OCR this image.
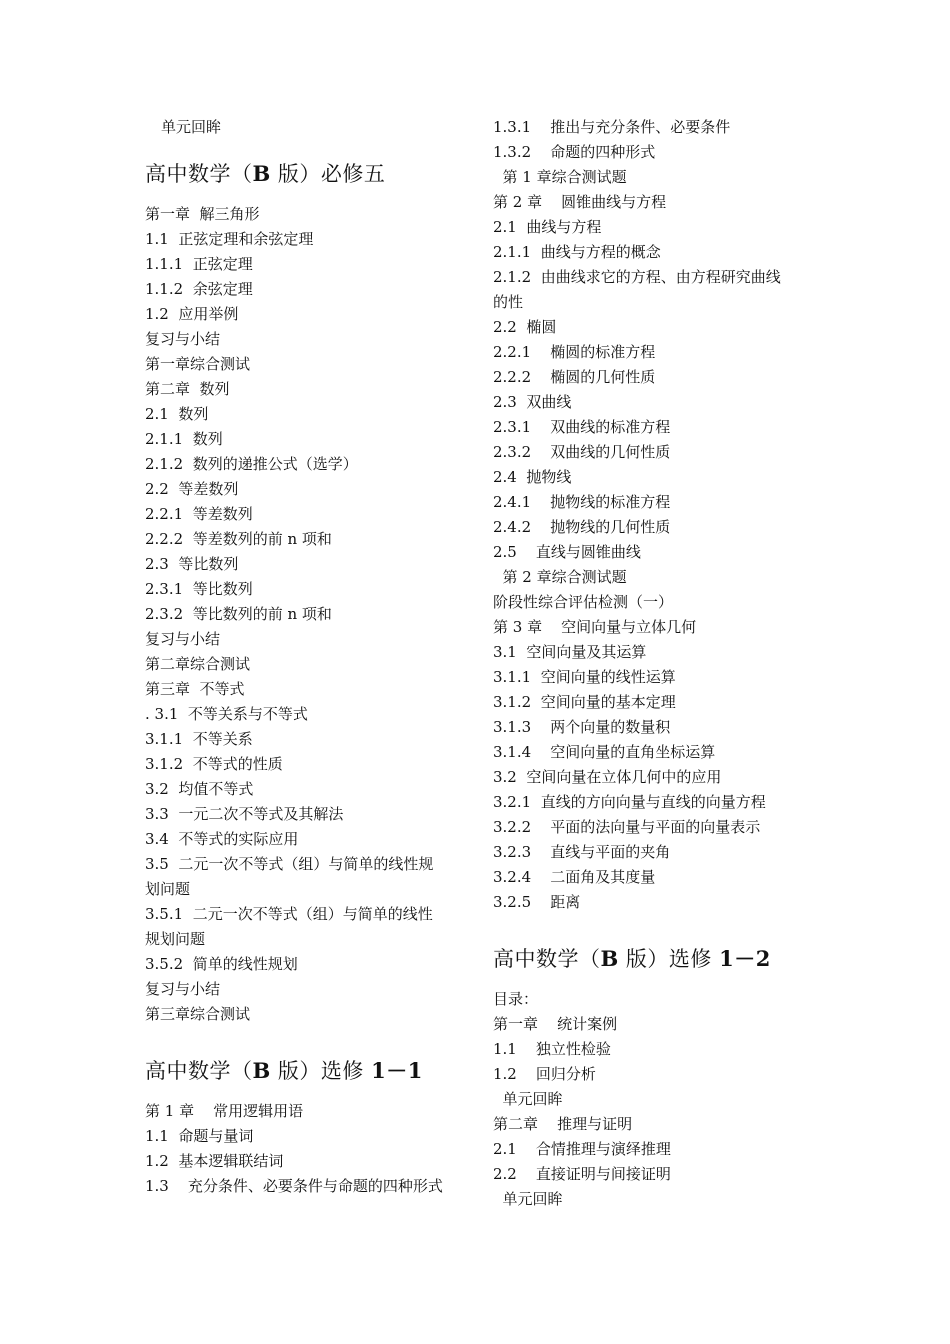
单元回眸
高中数学（B 版）必修五
第一章  解三角形
1.1  正弦定理和余弦定理
1.1.1  正弦定理
1.1.2  余弦定理
1.2  应用举例
复习与小结
第一章综合测试
第二章  数列
2.1  数列
2.1.1  数列
2.1.2  数列的递推公式（选学）
2.2  等差数列
2.2.1  等差数列
2.2.2  等差数列的前 n 项和
2.3  等比数列
2.3.1  等比数列
2.3.2  等比数列的前 n 项和
复习与小结
第二章综合测试
第三章  不等式
. 3.1  不等关系与不等式
3.1.1  不等关系
3.1.2  不等式的性质
3.2  均值不等式
3.3  一元二次不等式及其解法
3.4  不等式的实际应用
3.5  二元一次不等式（组）与简单的线性规
划问题
3.5.1  二元一次不等式（组）与简单的线性
规划问题
3.5.2  简单的线性规划
复习与小结
第三章综合测试
高中数学（B 版）选修 1－1
第 1 章    常用逻辑用语
1.1  命题与量词
1.2  基本逻辑联结词
1.3    充分条件、必要条件与命题的四种形式
1.3.1    推出与充分条件、必要条件
1.3.2    命题的四种形式
第 1 章综合测试题
第 2 章    圆锥曲线与方程
2.1  曲线与方程
2.1.1  曲线与方程的概念
2.1.2  由曲线求它的方程、由方程研究曲线
的性
2.2  椭圆
2.2.1    椭圆的标准方程
2.2.2    椭圆的几何性质
2.3  双曲线
2.3.1    双曲线的标准方程
2.3.2    双曲线的几何性质
2.4  抛物线
2.4.1    抛物线的标准方程
2.4.2    抛物线的几何性质
2.5    直线与圆锥曲线
第 2 章综合测试题
阶段性综合评估检测（一）
第 3 章    空间向量与立体几何
3.1  空间向量及其运算
3.1.1  空间向量的线性运算
3.1.2  空间向量的基本定理
3.1.3    两个向量的数量积
3.1.4    空间向量的直角坐标运算
3.2  空间向量在立体几何中的应用
3.2.1  直线的方向向量与直线的向量方程
3.2.2    平面的法向量与平面的向量表示
3.2.3    直线与平面的夹角
3.2.4    二面角及其度量
3.2.5    距离
高中数学（B 版）选修 1－2
目录：
第一章    统计案例
1.1    独立性检验
1.2    回归分析
单元回眸
第二章    推理与证明
2.1    合情推理与演绎推理
2.2    直接证明与间接证明
单元回眸
